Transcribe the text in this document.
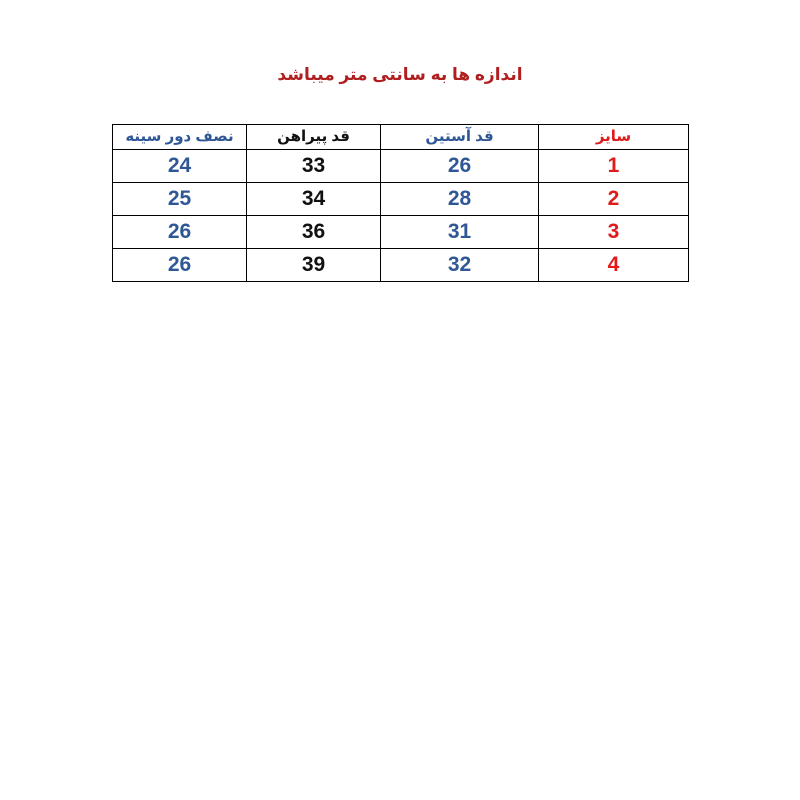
اندازه ها به سانتی متر میباشد
سایز	قد آستین	قد پیراهن	نصف دور سینه
1	26	33	24
2	28	34	25
3	31	36	26
4	32	39	26
